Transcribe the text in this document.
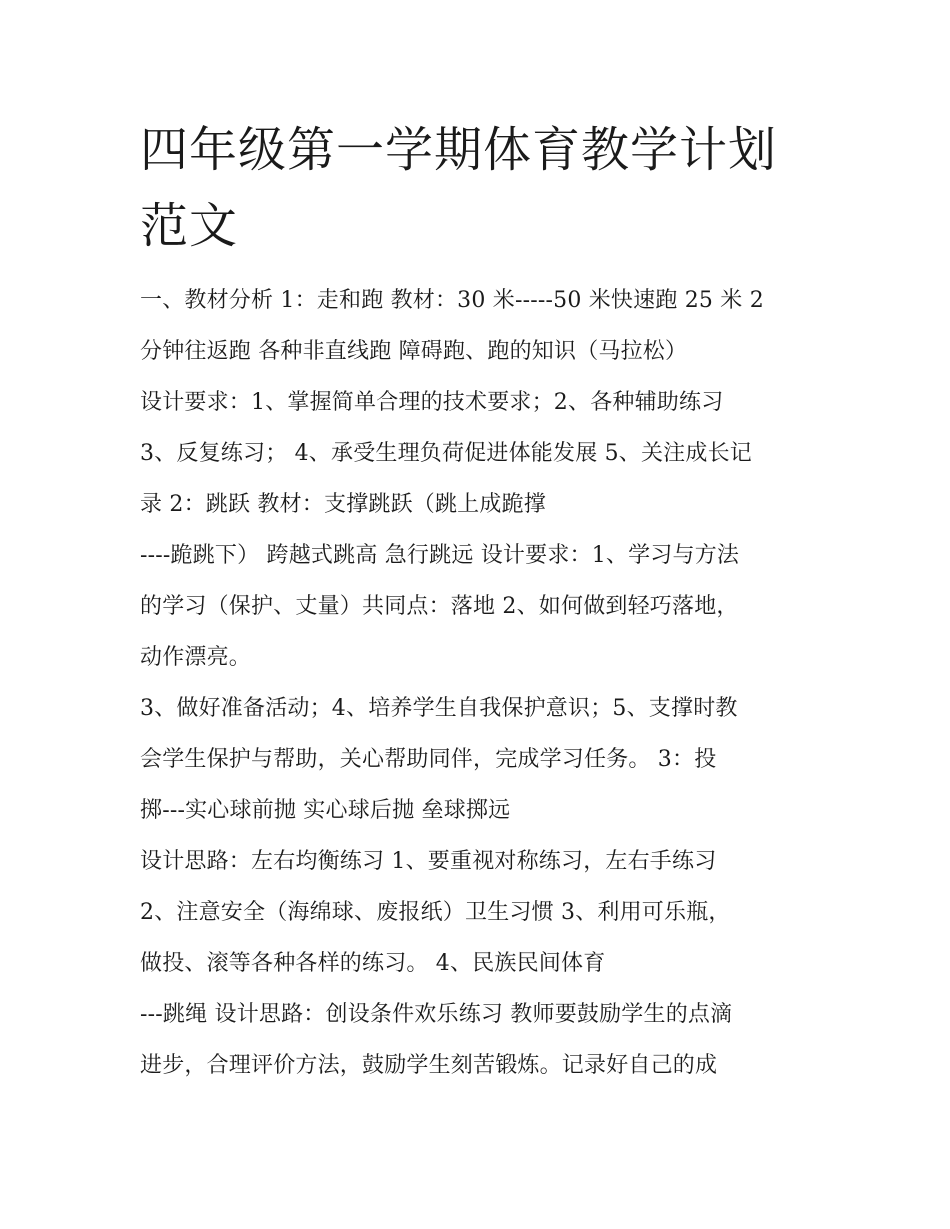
四年级第一学期体育教学计划
范文
一、教材分析 1：走和跑 教材：30 米-----50 米快速跑 25 米 2
分钟往返跑 各种非直线跑 障碍跑、跑的知识（马拉松）
设计要求：1、掌握简单合理的技术要求；2、各种辅助练习
3、反复练习； 4、承受生理负荷促进体能发展 5、关注成长记
录 2：跳跃 教材：支撑跳跃（跳上成跪撑
----跪跳下） 跨越式跳高 急行跳远 设计要求：1、学习与方法
的学习（保护、丈量）共同点：落地 2、如何做到轻巧落地，
动作漂亮。
3、做好准备活动；4、培养学生自我保护意识；5、支撑时教
会学生保护与帮助，关心帮助同伴，完成学习任务。 3：投
掷---实心球前抛 实心球后抛 垒球掷远
设计思路：左右均衡练习 1、要重视对称练习，左右手练习
2、注意安全（海绵球、废报纸）卫生习惯 3、利用可乐瓶，
做投、滚等各种各样的练习。 4、民族民间体育
---跳绳 设计思路：创设条件欢乐练习 教师要鼓励学生的点滴
进步，合理评价方法，鼓励学生刻苦锻炼。记录好自己的成
